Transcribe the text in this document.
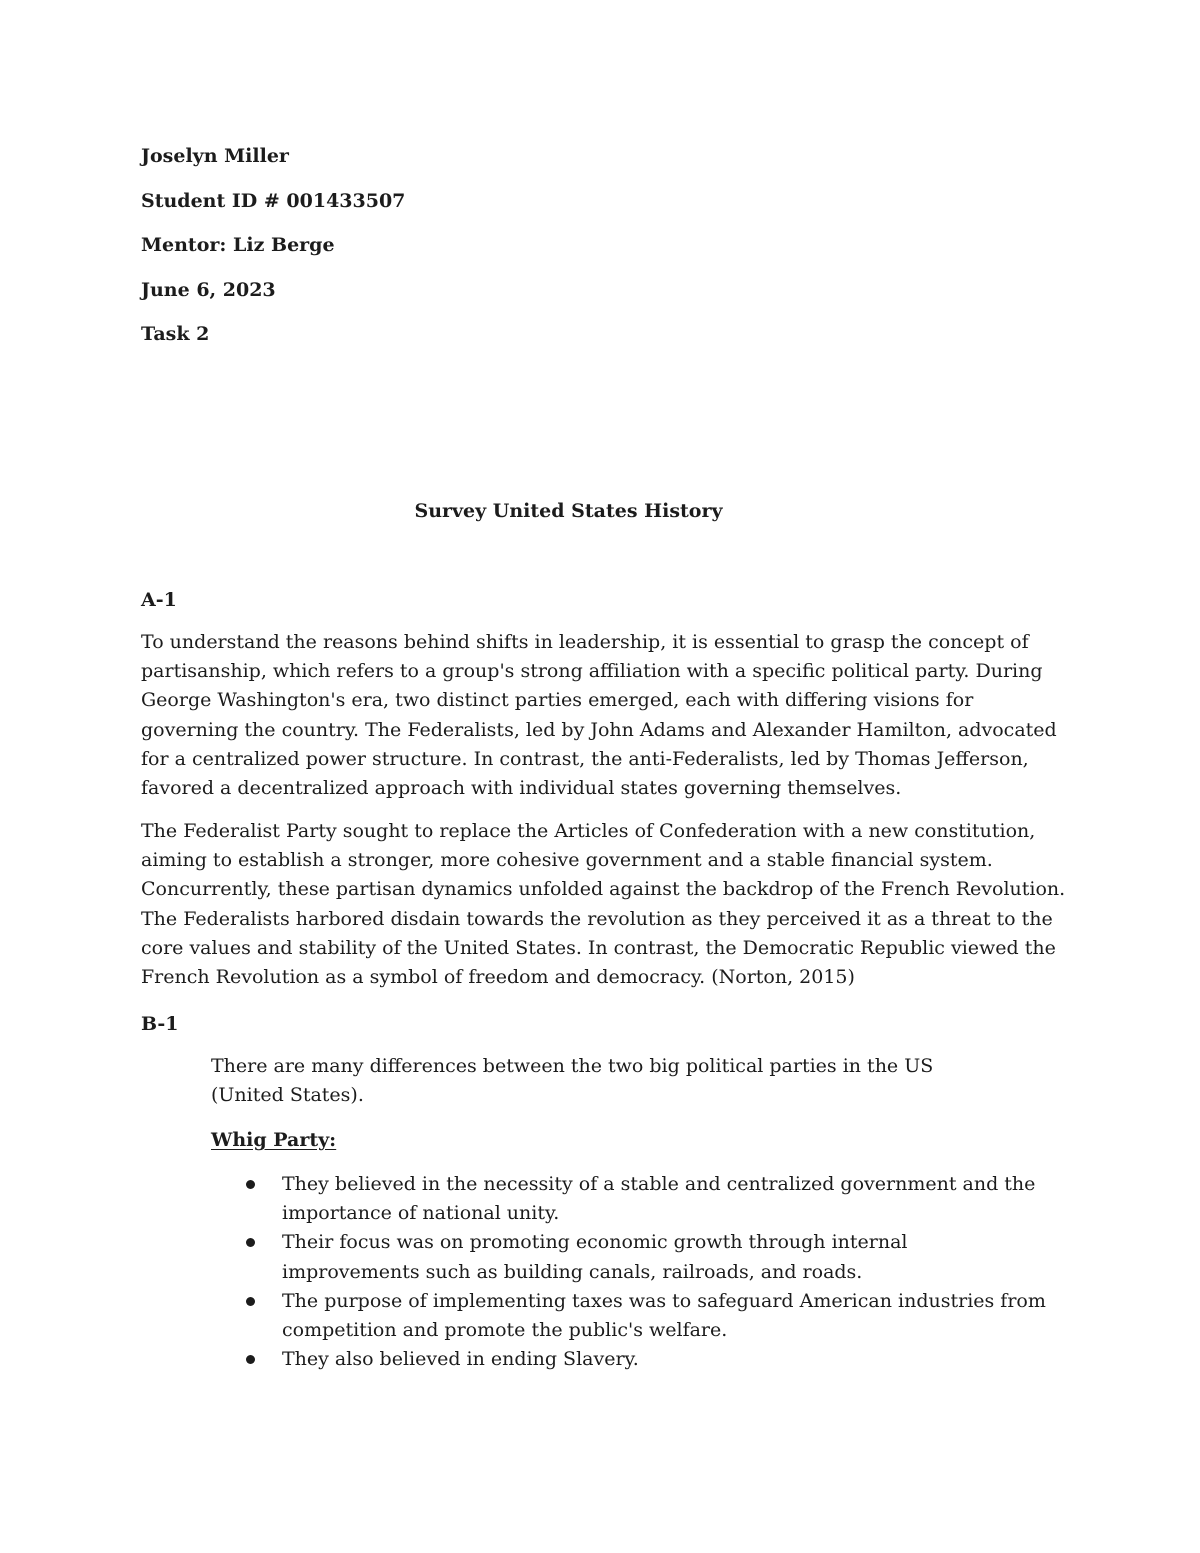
Joselyn Miller
Student ID # 001433507
Mentor: Liz Berge
June 6, 2023
Task 2
Survey United States History
A-1

To understand the reasons behind shifts in leadership, it is essential to grasp the concept of partisanship, which refers to a group's strong affiliation with a specific political party. During George Washington's era, two distinct parties emerged, each with differing visions for governing the country. The Federalists, led by John Adams and Alexander Hamilton, advocated for a centralized power structure. In contrast, the anti-Federalists, led by Thomas Jefferson, favored a decentralized approach with individual states governing themselves.

The Federalist Party sought to replace the Articles of Confederation with a new constitution, aiming to establish a stronger, more cohesive government and a stable financial system. Concurrently, these partisan dynamics unfolded against the backdrop of the French Revolution. The Federalists harbored disdain towards the revolution as they perceived it as a threat to the core values and stability of the United States. In contrast, the Democratic Republic viewed the French Revolution as a symbol of freedom and democracy. (Norton, 2015)

B-1

There are many differences between the two big political parties in the US (United States).

Whig Party:
They believed in the necessity of a stable and centralized government and the importance of national unity.
Their focus was on promoting economic growth through internal improvements such as building canals, railroads, and roads.
The purpose of implementing taxes was to safeguard American industries from competition and promote the public's welfare.
They also believed in ending Slavery.
